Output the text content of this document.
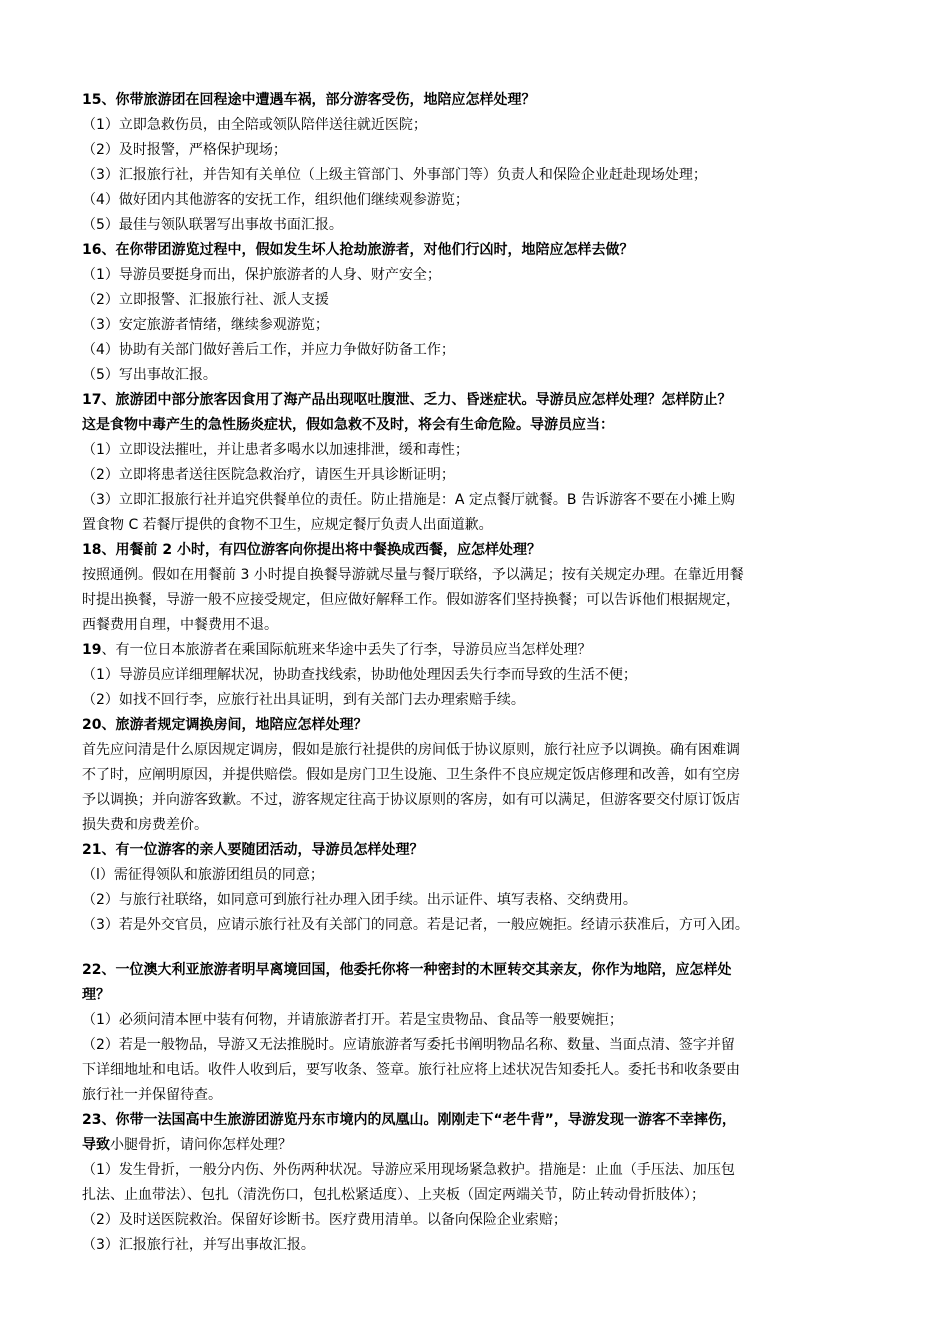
15、你带旅游团在回程途中遭遇车祸，部分游客受伤，地陪应怎样处理？

（1）立即急救伤员，由全陪或领队陪伴送往就近医院；

（2）及时报警，严格保护现场；

（3）汇报旅行社，并告知有关单位（上级主管部门、外事部门等）负责人和保险企业赶赴现场处理；

（4）做好团内其他游客的安抚工作，组织他们继续观参游览；

（5）最佳与领队联署写出事故书面汇报。

16、在你带团游览过程中，假如发生坏人抢劫旅游者，对他们行凶时，地陪应怎样去做？

（1）导游员要挺身而出，保护旅游者的人身、财产安全；

（2）立即报警、汇报旅行社、派人支援

（3）安定旅游者情绪，继续参观游览；

（4）协助有关部门做好善后工作，并应力争做好防备工作；

（5）写出事故汇报。

17、旅游团中部分旅客因食用了海产品出现呕吐腹泄、乏力、昏迷症状。导游员应怎样处理？怎样防止？

这是食物中毒产生的急性肠炎症状，假如急救不及时，将会有生命危险。导游员应当：

（1）立即设法摧吐，并让患者多喝水以加速排泄，缓和毒性；

（2）立即将患者送往医院急救治疗，请医生开具诊断证明；

（3）立即汇报旅行社并追究供餐单位的责任。防止措施是：A 定点餐厅就餐。B 告诉游客不要在小摊上购

置食物 C 若餐厅提供的食物不卫生，应规定餐厅负责人出面道歉。

18、用餐前 2 小时，有四位游客向你提出将中餐换成西餐，应怎样处理？

按照通例。假如在用餐前 3 小时提自换餐导游就尽量与餐厅联络，予以满足；按有关规定办理。在靠近用餐

时提出换餐，导游一般不应接受规定，但应做好解释工作。假如游客们坚持换餐；可以告诉他们根据规定，

西餐费用自理，中餐费用不退。

19、有一位日本旅游者在乘国际航班来华途中丢失了行李，导游员应当怎样处理？

（1）导游员应详细理解状况，协助查找线索，协助他处理因丢失行李而导致的生活不便；

（2）如找不回行李，应旅行社出具证明，到有关部门去办理索赔手续。

20、旅游者规定调换房间，地陪应怎样处理？

首先应问清是什么原因规定调房，假如是旅行社提供的房间低于协议原则，旅行社应予以调换。确有困难调

不了时，应阐明原因，并提供赔偿。假如是房门卫生设施、卫生条件不良应规定饭店修理和改善，如有空房

予以调换；并向游客致歉。不过，游客规定往高于协议原则的客房，如有可以满足，但游客要交付原订饭店

损失费和房费差价。

21、有一位游客的亲人要随团活动，导游员怎样处理？

（l）需征得领队和旅游团组员的同意；

（2）与旅行社联络，如同意可到旅行社办理入团手续。出示证件、填写表格、交纳费用。

（3）若是外交官员，应请示旅行社及有关部门的同意。若是记者，一般应婉拒。经请示获准后，方可入团。

22、一位澳大利亚旅游者明早离境回国，他委托你将一种密封的木匣转交其亲友，你作为地陪，应怎样处

理？

（1）必须问清本匣中装有何物，并请旅游者打开。若是宝贵物品、食品等一般要婉拒；

（2）若是一般物品，导游又无法推脱时。应请旅游者写委托书阐明物品名称、数量、当面点清、签字并留

下详细地址和电话。收件人收到后，要写收条、签章。旅行社应将上述状况告知委托人。委托书和收条要由

旅行社一并保留待查。

23、你带一法国高中生旅游团游览丹东市境内的凤凰山。刚刚走下“老牛背”，导游发现一游客不幸摔伤，

导致小腿骨折，请问你怎样处理？

（1）发生骨折，一般分内伤、外伤两种状况。导游应采用现场紧急救护。措施是：止血（手压法、加压包

扎法、止血带法）、包扎（清洗伤口，包扎松紧适度）、上夹板（固定两端关节，防止转动骨折肢体）；

（2）及时送医院救治。保留好诊断书。医疗费用清单。以备向保险企业索赔；

（3）汇报旅行社，并写出事故汇报。
